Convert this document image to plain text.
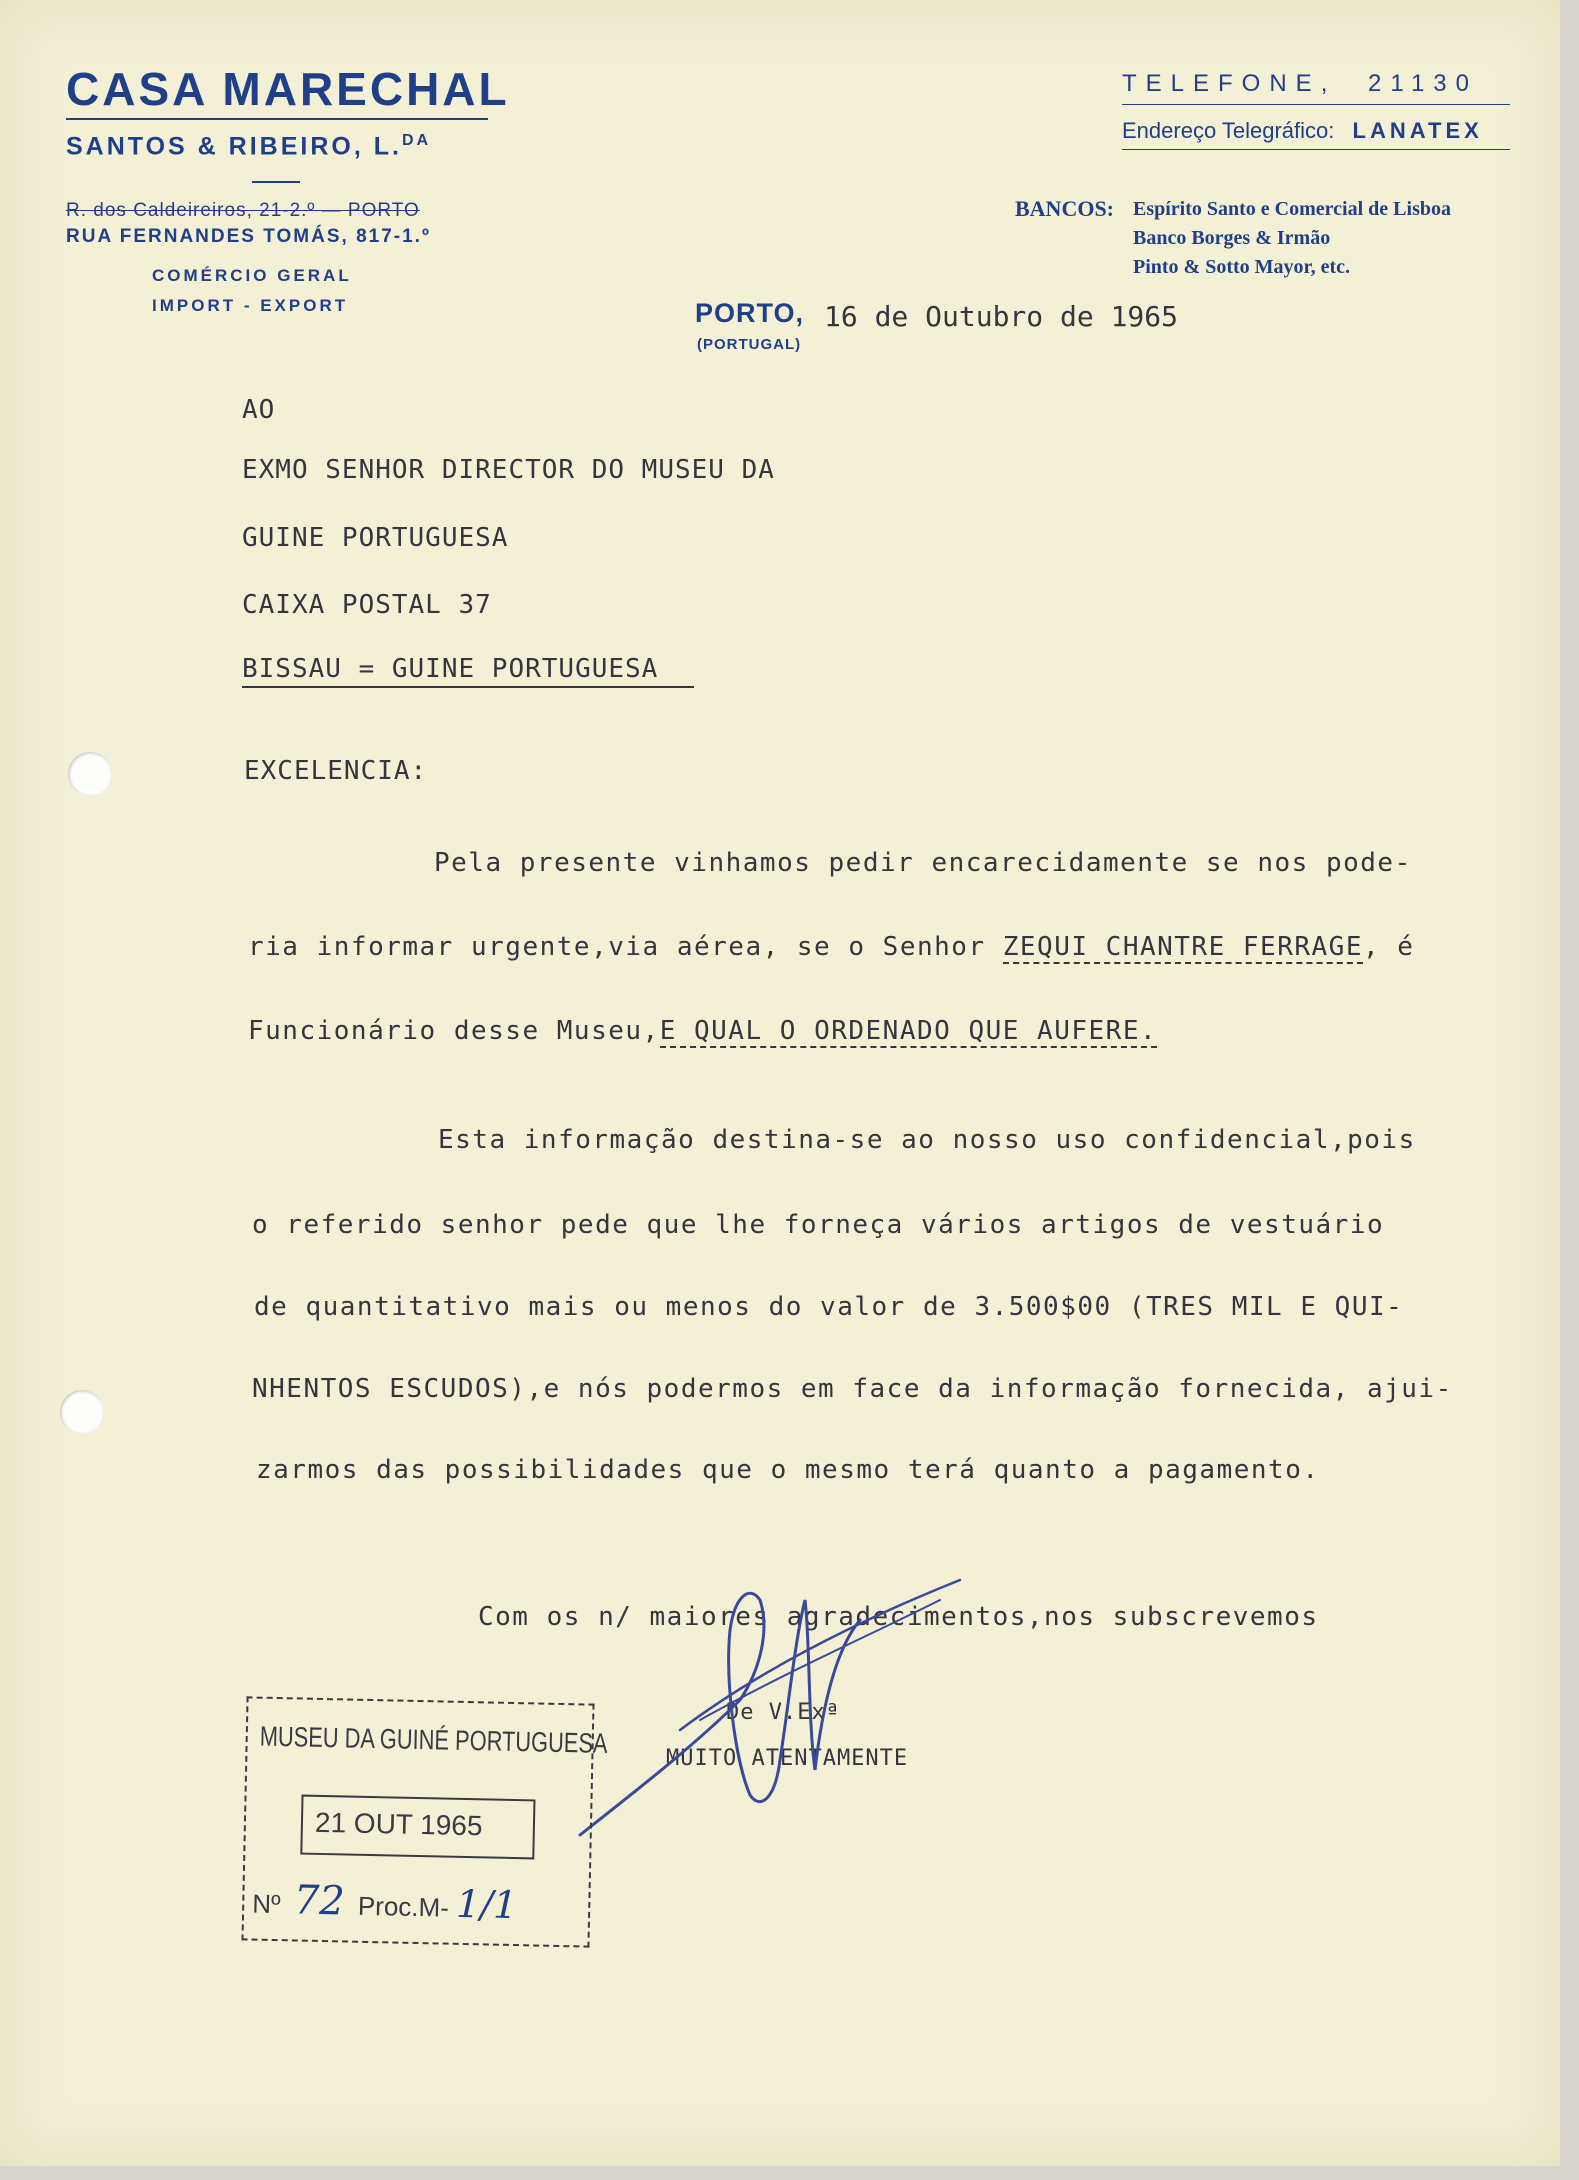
CASA MARECHAL
SANTOS & RIBEIRO, L.$^{DA}$
R. dos Caldeireiros, 21-2.º — PORTO
RUA FERNANDES TOMÁS, 817-1.º
COMÉRCIO GERAL
IMPORT - EXPORT
TELEFONE, 21130
Endereço Telegráfico: LANATEX
BANCOS: Espírito Santo e Comercial de Lisboa
Banco Borges & Irmão
Pinto & Sotto Mayor, etc.
PORTO,
(PORTUGAL)
16 de Outubro de 1965
AO
EXMO SENHOR DIRECTOR DO MUSEU DA
GUINE PORTUGUESA
CAIXA POSTAL 37
BISSAU = GUINE PORTUGUESA
EXCELENCIA:
Pela presente vinhamos pedir encarecidamente se nos pode-
ria informar urgente,via aérea, se o Senhor ZEQUI CHANTRE FERRAGE, é
Funcionário desse Museu,E QUAL O ORDENADO QUE AUFERE.
Esta informação destina-se ao nosso uso confidencial,pois
o referido senhor pede que lhe forneça vários artigos de vestuário
de quantitativo mais ou menos do valor de 3.500$00 (TRES MIL E QUI-
NHENTOS ESCUDOS),e nós podermos em face da informação fornecida, ajui-
zarmos das possibilidades que o mesmo terá quanto a pagamento.
Com os n/ maiores agradecimentos,nos subscrevemos
De V.Exª
MUITO ATENTAMENTE
MUSEU DA GUINÉ PORTUGUESA
21 OUT 1965
Nº 72 Proc.M- 1/1
